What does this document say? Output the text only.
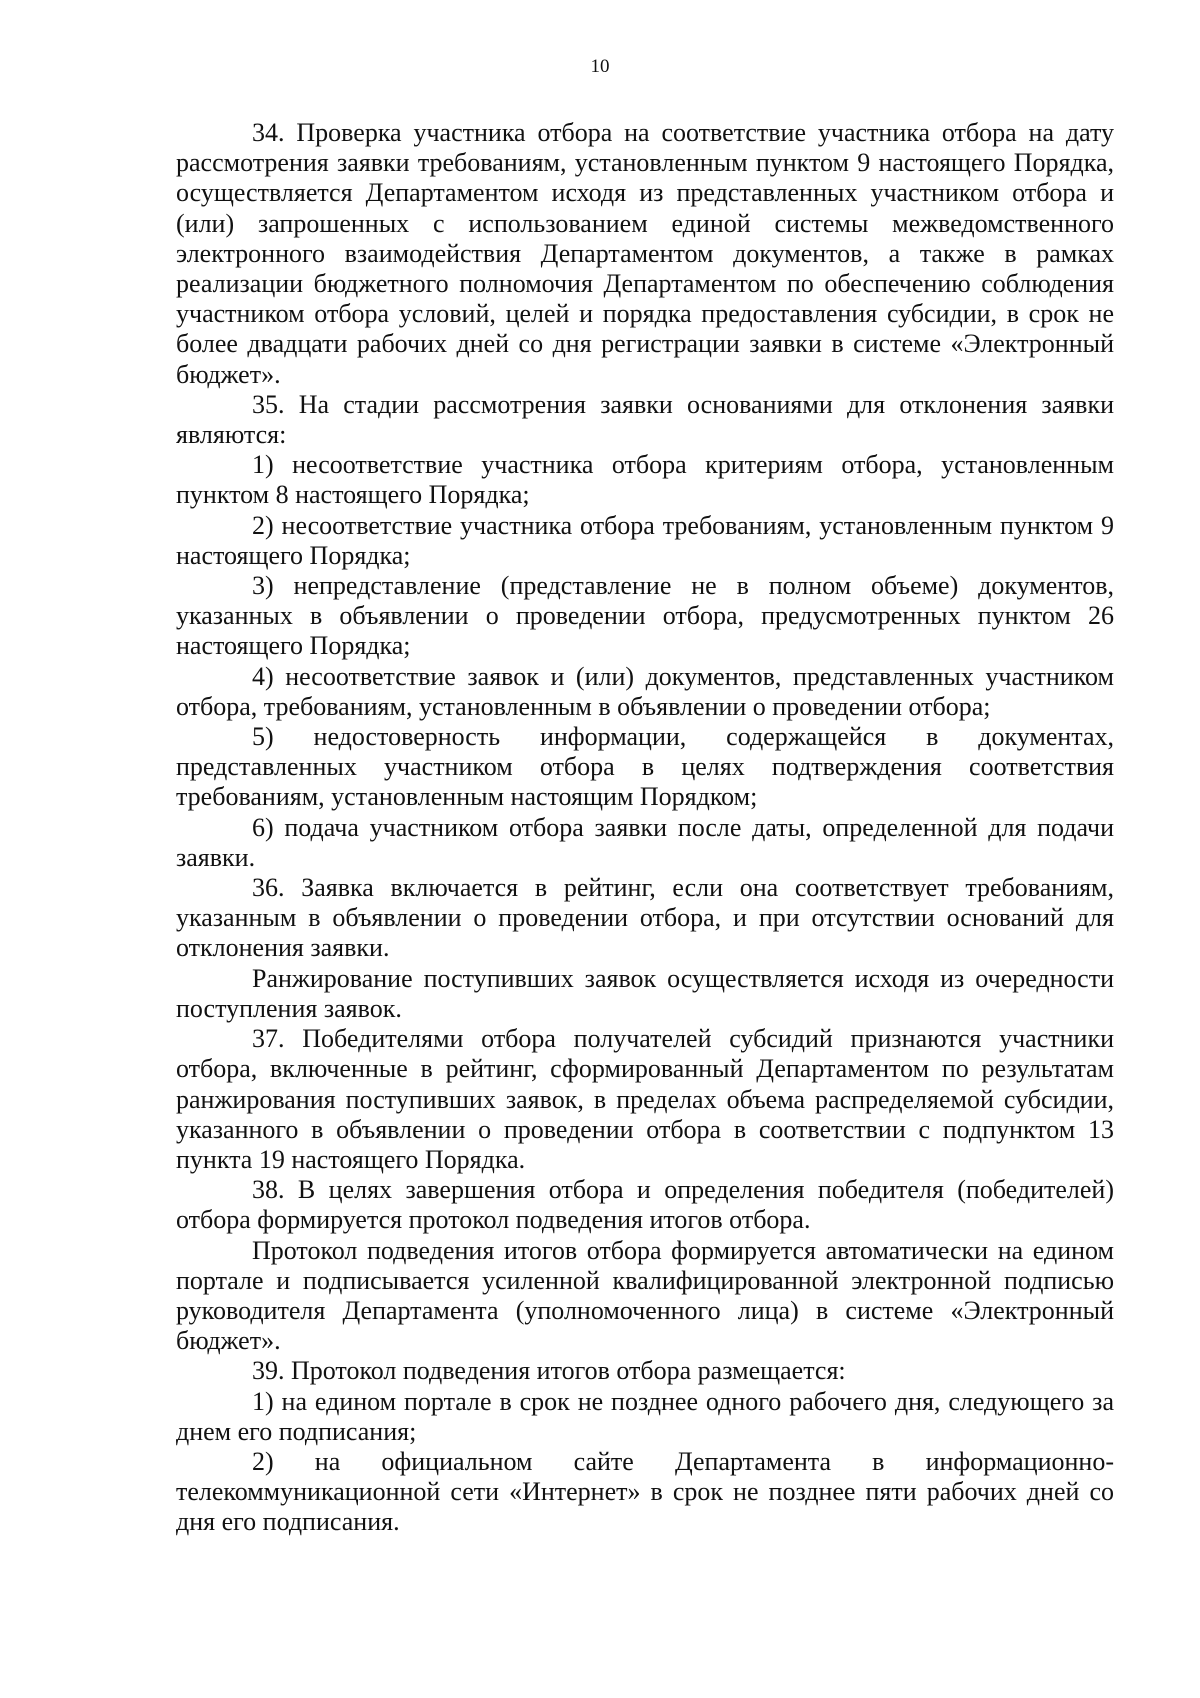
10

34. Проверка участника отбора на соответствие участника отбора на дату рассмотрения заявки требованиям, установленным пунктом 9 настоящего Порядка, осуществляется Департаментом исходя из представленных участником отбора и (или) запрошенных с использованием единой системы межведомственного электронного взаимодействия Департаментом документов, а также в рамках реализации бюджетного полномочия Департаментом по обеспечению соблюдения участником отбора условий, целей и порядка предоставления субсидии, в срок не более двадцати рабочих дней со дня регистрации заявки в системе «Электронный бюджет».

35. На стадии рассмотрения заявки основаниями для отклонения заявки являются:

1) несоответствие участника отбора критериям отбора, установленным пунктом 8 настоящего Порядка;

2) несоответствие участника отбора требованиям, установленным пунктом 9 настоящего Порядка;

3) непредставление (представление не в полном объеме) документов, указанных в объявлении о проведении отбора, предусмотренных пунктом 26 настоящего Порядка;

4) несоответствие заявок и (или) документов, представленных участником отбора, требованиям, установленным в объявлении о проведении отбора;

5) недостоверность информации, содержащейся в документах, представленных участником отбора в целях подтверждения соответствия требованиям, установленным настоящим Порядком;

6) подача участником отбора заявки после даты, определенной для подачи заявки.

36. Заявка включается в рейтинг, если она соответствует требованиям, указанным в объявлении о проведении отбора, и при отсутствии оснований для отклонения заявки.

Ранжирование поступивших заявок осуществляется исходя из очередности поступления заявок.

37. Победителями отбора получателей субсидий признаются участники отбора, включенные в рейтинг, сформированный Департаментом по результатам ранжирования поступивших заявок, в пределах объема распределяемой субсидии, указанного в объявлении о проведении отбора в соответствии с подпунктом 13 пункта 19 настоящего Порядка.

38. В целях завершения отбора и определения победителя (победителей) отбора формируется протокол подведения итогов отбора.

Протокол подведения итогов отбора формируется автоматически на едином портале и подписывается усиленной квалифицированной электронной подписью руководителя Департамента (уполномоченного лица) в системе «Электронный бюджет».

39. Протокол подведения итогов отбора размещается:

1) на едином портале в срок не позднее одного рабочего дня, следующего за днем его подписания;

2) на официальном сайте Департамента в информационно-телекоммуникационной сети «Интернет» в срок не позднее пяти рабочих дней со дня его подписания.
